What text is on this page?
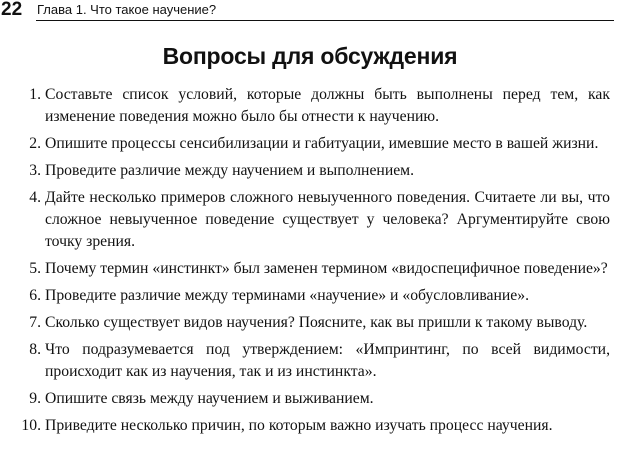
22 Глава 1. Что такое научение?
Вопросы для обсуждения
1. Составьте список условий, которые должны быть выполнены перед тем, как изменение поведения можно было бы отнести к научению.
2. Опишите процессы сенсибилизации и габитуации, имевшие место в вашей жизни.
3. Проведите различие между научением и выполнением.
4. Дайте несколько примеров сложного невыученного поведения. Считаете ли вы, что сложное невыученное поведение существует у человека? Аргументируйте свою точку зрения.
5. Почему термин «инстинкт» был заменен термином «видоспецифичное поведение»?
6. Проведите различие между терминами «научение» и «обусловливание».
7. Сколько существует видов научения? Поясните, как вы пришли к такому выводу.
8. Что подразумевается под утверждением: «Импринтинг, по всей видимости, происходит как из научения, так и из инстинкта».
9. Опишите связь между научением и выживанием.
10. Приведите несколько причин, по которым важно изучать процесс научения.
